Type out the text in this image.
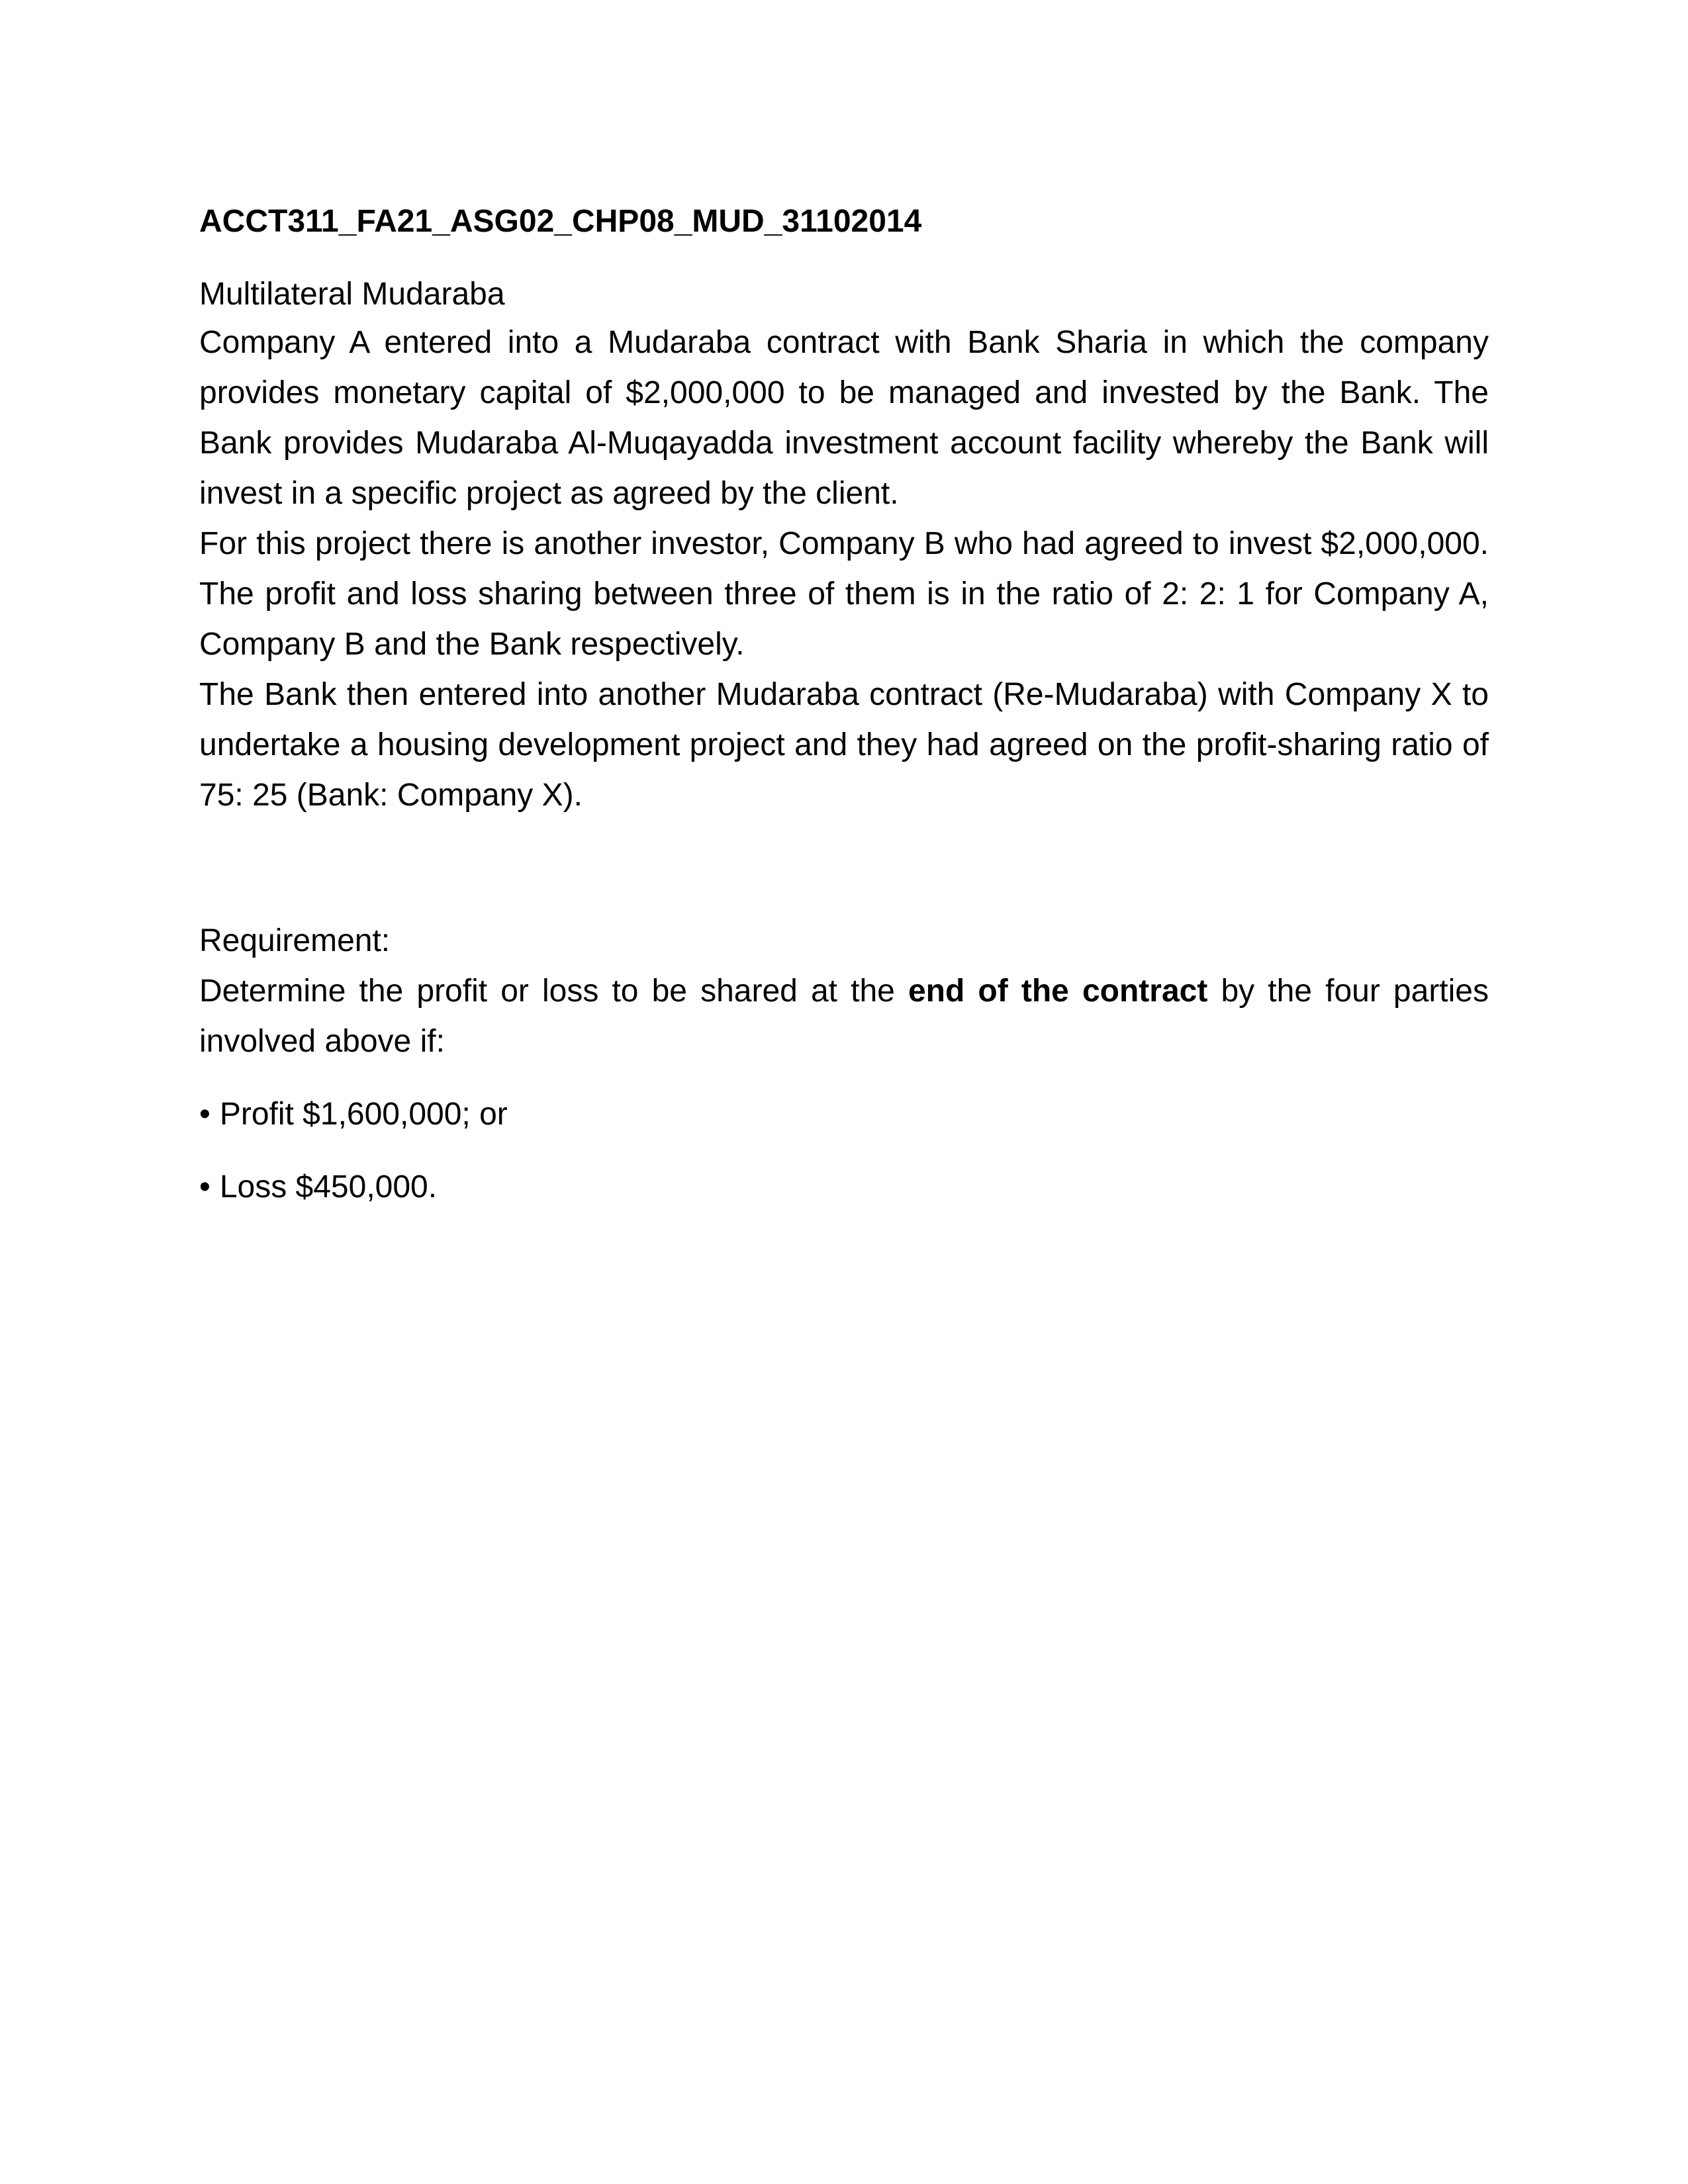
ACCT311_FA21_ASG02_CHP08_MUD_31102014
Multilateral Mudaraba

Company A entered into a Mudaraba contract with Bank Sharia in which the company provides monetary capital of $2,000,000 to be managed and invested by the Bank. The Bank provides Mudaraba Al-Muqayadda investment account facility whereby the Bank will invest in a specific project as agreed by the client.

For this project there is another investor, Company B who had agreed to invest $2,000,000. The profit and loss sharing between three of them is in the ratio of 2: 2: 1 for Company A, Company B and the Bank respectively.

The Bank then entered into another Mudaraba contract (Re-Mudaraba) with Company X to undertake a housing development project and they had agreed on the profit-sharing ratio of 75: 25 (Bank: Company X).

Requirement:

Determine the profit or loss to be shared at the end of the contract by the four parties involved above if:

• Profit $1,600,000; or
• Loss $450,000.
